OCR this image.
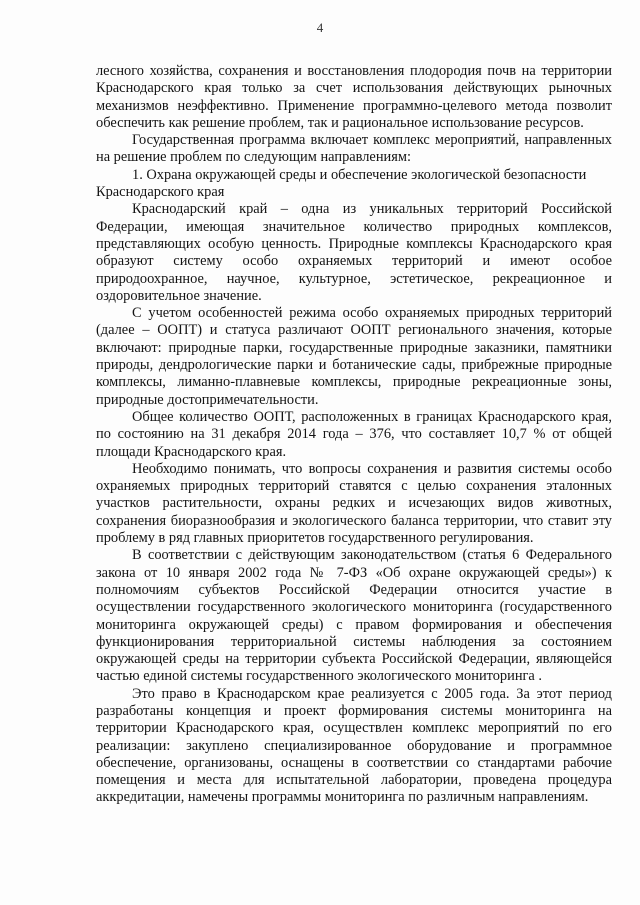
4

лесного хозяйства, сохранения и восстановления плодородия почв на территории Краснодарского края только за счет использования действующих рыночных механизмов неэффективно. Применение программно-целевого метода позволит обеспечить как решение проблем, так и рациональное использование ресурсов.

Государственная программа включает комплекс мероприятий, направленных на решение проблем по следующим направлениям:

1. Охрана окружающей среды и обеспечение экологической безопасности Краснодарского края

Краснодарский край – одна из уникальных территорий Российской Федерации, имеющая значительное количество природных комплексов, представляющих особую ценность. Природные комплексы Краснодарского края образуют систему особо охраняемых территорий и имеют особое природоохранное, научное, культурное, эстетическое, рекреационное и оздоровительное значение.

С учетом особенностей режима особо охраняемых природных территорий (далее – ООПТ) и статуса различают ООПТ регионального значения, которые включают: природные парки, государственные природные заказники, памятники природы, дендрологические парки и ботанические сады, прибрежные природные комплексы, лиманно-плавневые комплексы, природные рекреационные зоны, природные достопримечательности.

Общее количество ООПТ, расположенных в границах Краснодарского края, по состоянию на 31 декабря 2014 года – 376, что составляет 10,7 % от общей площади Краснодарского края.

Необходимо понимать, что вопросы сохранения и развития системы особо охраняемых природных территорий ставятся с целью сохранения эталонных участков растительности, охраны редких и исчезающих видов животных, сохранения биоразнообразия и экологического баланса территории, что ставит эту проблему в ряд главных приоритетов государственного регулирования.

В соответствии с действующим законодательством (статья 6 Федерального закона от 10 января 2002 года № 7-ФЗ «Об охране окружающей среды») к полномочиям субъектов Российской Федерации относится участие в осуществлении государственного экологического мониторинга (государственного мониторинга окружающей среды) с правом формирования и обеспечения функционирования территориальной системы наблюдения за состоянием окружающей среды на территории субъекта Российской Федерации, являющейся частью единой системы государственного экологического мониторинга .

Это право в Краснодарском крае реализуется с 2005 года. За этот период разработаны концепция и проект формирования системы мониторинга на территории Краснодарского края, осуществлен комплекс мероприятий по его реализации: закуплено специализированное оборудование и программное обеспечение, организованы, оснащены в соответствии со стандартами рабочие помещения и места для испытательной лаборатории, проведена процедура аккредитации, намечены программы мониторинга по различным направлениям.
